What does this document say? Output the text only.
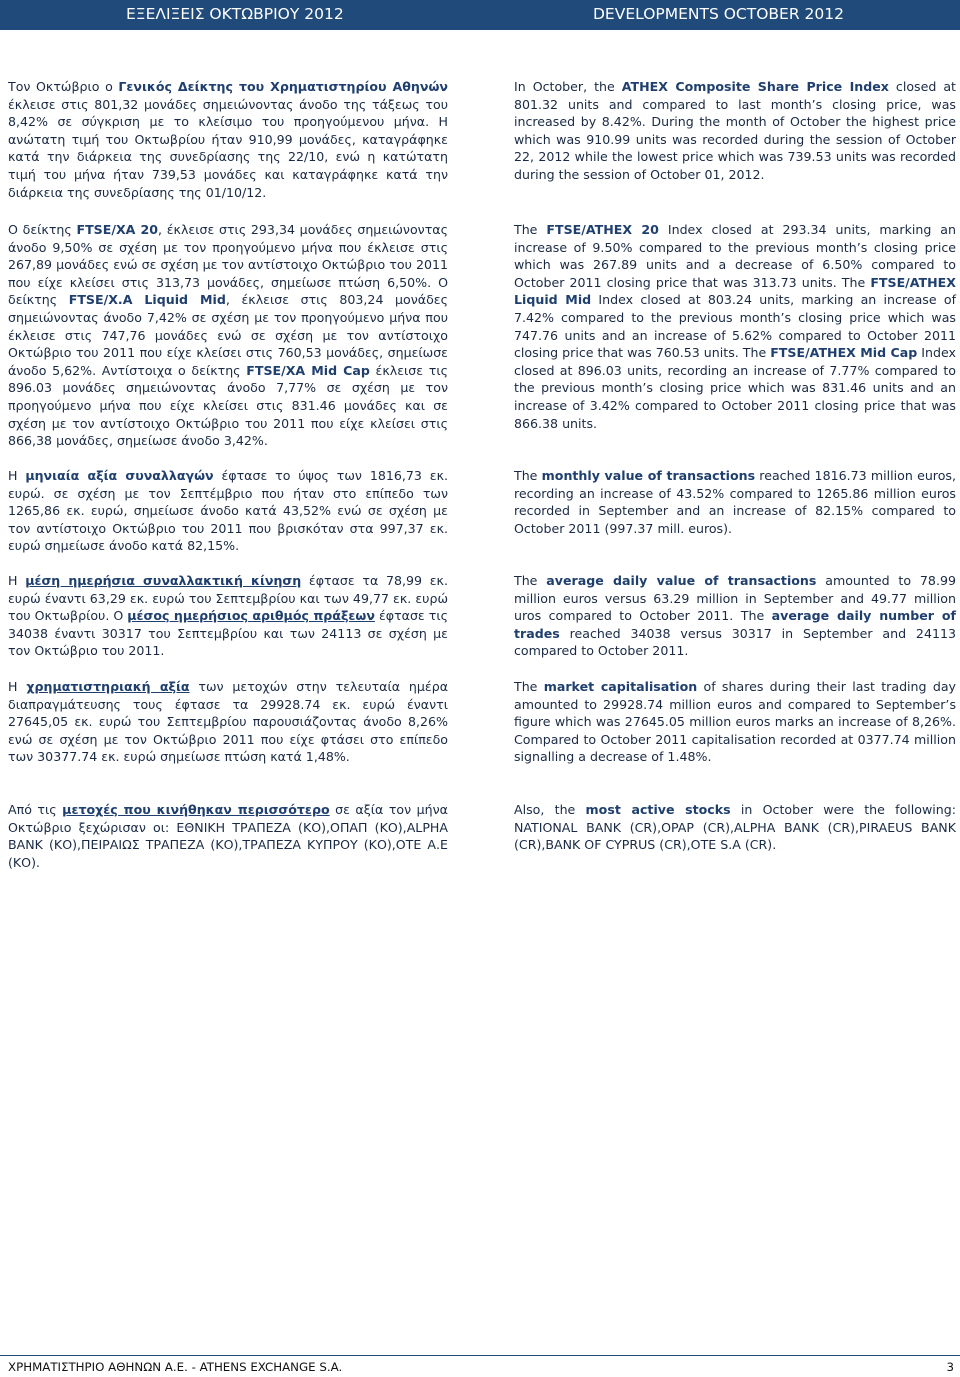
ΕΞΕΛΙΞΕΙΣ ΟΚΤΩΒΡΙΟΥ 2012	DEVELOPMENTS OCTOBER 2012
Τον Οκτώβριο ο Γενικός Δείκτης του Χρηματιστηρίου Αθηνών έκλεισε στις 801,32 μονάδες σημειώνοντας άνοδο της τάξεως του 8,42% σε σύγκριση με το κλείσιμο του προηγούμενου μήνα. Η ανώτατη τιμή του Οκτωβρίου ήταν 910,99 μονάδες, καταγράφηκε κατά την διάρκεια της συνεδρίασης της 22/10, ενώ η κατώτατη τιμή του μήνα ήταν 739,53 μονάδες και καταγράφηκε κατά την διάρκεια της συνεδρίασης της 01/10/12.
Ο δείκτης FTSE/XA 20, έκλεισε στις 293,34 μονάδες σημειώνοντας άνοδο 9,50% σε σχέση με τον προηγούμενο μήνα που έκλεισε στις 267,89 μονάδες ενώ σε σχέση με τον αντίστοιχο Οκτώβριο του 2011 που είχε κλείσει στις 313,73 μονάδες, σημείωσε πτώση 6,50%. Ο δείκτης FTSE/X.A Liquid Mid, έκλεισε στις 803,24 μονάδες σημειώνοντας άνοδο 7,42% σε σχέση με τον προηγούμενο μήνα που έκλεισε στις 747,76 μονάδες ενώ σε σχέση με τον αντίστοιχο Οκτώβριο του 2011 που είχε κλείσει στις 760,53 μονάδες, σημείωσε άνοδο 5,62%. Αντίστοιχα ο δείκτης FTSE/XA Mid Cap έκλεισε τις 896.03 μονάδες σημειώνοντας άνοδο 7,77% σε σχέση με τον προηγούμενο μήνα που είχε κλείσει στις 831.46 μονάδες και σε σχέση με τον αντίστοιχο Οκτώβριο του 2011 που είχε κλείσει στις 866,38 μονάδες, σημείωσε άνοδο 3,42%.
Η μηνιαία αξία συναλλαγών έφτασε το ύψος των 1816,73 εκ. ευρώ. σε σχέση με τον Σεπτέμβριο που ήταν στο επίπεδο των 1265,86 εκ. ευρώ, σημείωσε άνοδο κατά 43,52% ενώ σε σχέση με τον αντίστοιχο Οκτώβριο του 2011 που βρισκόταν στα 997,37 εκ. ευρώ σημείωσε άνοδο κατά 82,15%.
Η μέση ημερήσια συναλλακτική κίνηση έφτασε τα 78,99 εκ. ευρώ έναντι 63,29 εκ. ευρώ του Σεπτεμβρίου και των 49,77 εκ. ευρώ του Οκτωβρίου. Ο μέσος ημερήσιος αριθμός πράξεων έφτασε τις 34038 έναντι 30317 του Σεπτεμβρίου και των 24113 σε σχέση με τον Οκτώβριο του 2011.
Η χρηματιστηριακή αξία των μετοχών στην τελευταία ημέρα διαπραγμάτευσης τους έφτασε τα 29928.74 εκ. ευρώ έναντι 27645,05 εκ. ευρώ του Σεπτεμβρίου παρουσιάζοντας άνοδο 8,26% ενώ σε σχέση με τον Οκτώβριο 2011 που είχε φτάσει στο επίπεδο των 30377.74 εκ. ευρώ σημείωσε πτώση κατά 1,48%.
Από τις μετοχές που κινήθηκαν περισσότερο σε αξία τον μήνα Οκτώβριο ξεχώρισαν οι: ΕΘΝΙΚΗ ΤΡΑΠΕΖΑ (ΚΟ),ΟΠΑΠ (ΚΟ),ALPHA BANK (ΚΟ),ΠΕΙΡΑΙΩΣ ΤΡΑΠΕΖΑ (ΚΟ),ΤΡΑΠΕΖΑ ΚΥΠΡΟΥ (ΚΟ),ΟΤΕ Α.Ε (ΚΟ).
In October, the ATHEX Composite Share Price Index closed at 801.32 units and compared to last month’s closing price, was increased by 8.42%. During the month of October the highest price which was 910.99 units was recorded during the session of October 22, 2012 while the lowest price which was 739.53 units was recorded during the session of October 01, 2012.
The FTSE/ATHEX 20 Index closed at 293.34 units, marking an increase of 9.50% compared to the previous month’s closing price which was 267.89 units and a decrease of 6.50% compared to October 2011 closing price that was 313.73 units. The FTSE/ATHEX Liquid Mid Index closed at 803.24 units, marking an increase of 7.42% compared to the previous month’s closing price which was 747.76 units and an increase of 5.62% compared to October 2011 closing price that was 760.53 units. The FTSE/ATHEX Mid Cap Index closed at 896.03 units, recording an increase of 7.77% compared to the previous month’s closing price which was 831.46 units and an increase of 3.42% compared to October 2011 closing price that was 866.38 units.
The monthly value of transactions reached 1816.73 million euros, recording an increase of 43.52% compared to 1265.86 million euros recorded in September and an increase of 82.15% compared to October 2011 (997.37 mill. euros).
The average daily value of transactions amounted to 78.99 million euros versus 63.29 million in September and 49.77 million uros compared to October 2011. The average daily number of trades reached 34038 versus 30317 in September and 24113 compared to October 2011.
The market capitalisation of shares during their last trading day amounted to 29928.74 million euros and compared to September’s figure which was 27645.05 million euros marks an increase of 8,26%. Compared to October 2011 capitalisation recorded at 0377.74 million signalling a decrease of 1.48%.
Also, the most active stocks in October were the following: NATIONAL BANK (CR),OPAP (CR),ALPHA BANK (CR),PIRAEUS BANK (CR),BANK OF CYPRUS (CR),OTE S.A (CR).
ΧΡΗΜΑΤΙΣΤΗΡΙΟ ΑΘΗΝΩΝ Α.Ε. - ATHENS EXCHANGE S.A.	3
